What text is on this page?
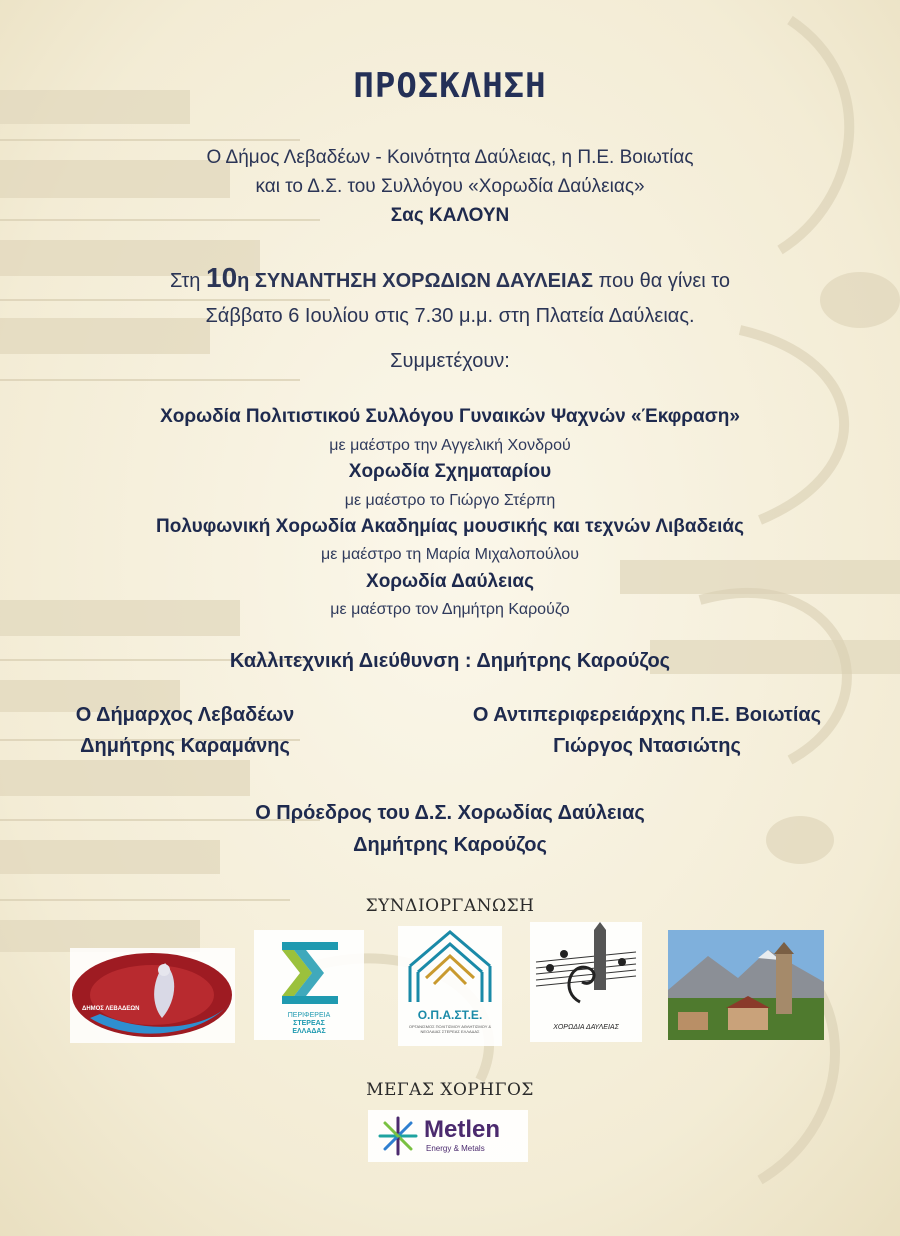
ΠΡΟΣΚΛΗΣΗ
Ο Δήμος Λεβαδέων - Κοινότητα Δαύλειας, η Π.Ε. Βοιωτίας
και το Δ.Σ. του Συλλόγου «Χορωδία Δαύλειας»
Σας ΚΑΛΟΥΝ
Στη 10η ΣΥΝΑΝΤΗΣΗ ΧΟΡΩΔΙΩΝ ΔΑΥΛΕΙΑΣ που θα γίνει το
Σάββατο 6 Ιουλίου στις 7.30 μ.μ. στη Πλατεία Δαύλειας.
Συμμετέχουν:
Χορωδία Πολιτιστικού Συλλόγου Γυναικών Ψαχνών «Έκφραση»
με μαέστρο την Αγγελική Χονδρού
Χορωδία Σχηματαρίου
με μαέστρο το Γιώργο Στέρπη
Πολυφωνική Χορωδία Ακαδημίας μουσικής και τεχνών Λιβαδειάς
με μαέστρο τη Μαρία Μιχαλοπούλου
Χορωδία Δαύλειας
με μαέστρο τον Δημήτρη Καρούζο
Καλλιτεχνική Διεύθυνση : Δημήτρης Καρούζος
Ο Δήμαρχος Λεβαδέων
Δημήτρης Καραμάνης
Ο Αντιπεριφερειάρχης Π.Ε. Βοιωτίας
Γιώργος Ντασιώτης
Ο Πρόεδρος του Δ.Σ. Χορωδίας Δαύλειας
Δημήτρης Καρούζος
ΣΥΝΔΙΟΡΓΑΝΩΣΗ
ΔΗΜΟΣ ΛΕΒΑΔΕΩΝ
ΠΕΡΙΦΕΡΕΙΑ
ΣΤΕΡΕΑΣ
ΕΛΛΑΔΑΣ
Ο.Π.Α.ΣΤ.Ε.
ΟΡΓΑΝΙΣΜΟΣ ΠΟΛΙΤΙΣΜΟΥ ΑΘΛΗΤΙΣΜΟΥ & ΝΕΟΛΑΙΑΣ ΣΤΕΡΕΑΣ ΕΛΛΑΔΑΣ
ΧΟΡΩΔΙΑ ΔΑΥΛΕΙΑΣ
ΜΕΓΑΣ ΧΟΡΗΓΟΣ
Metlen
Energy & Metals
